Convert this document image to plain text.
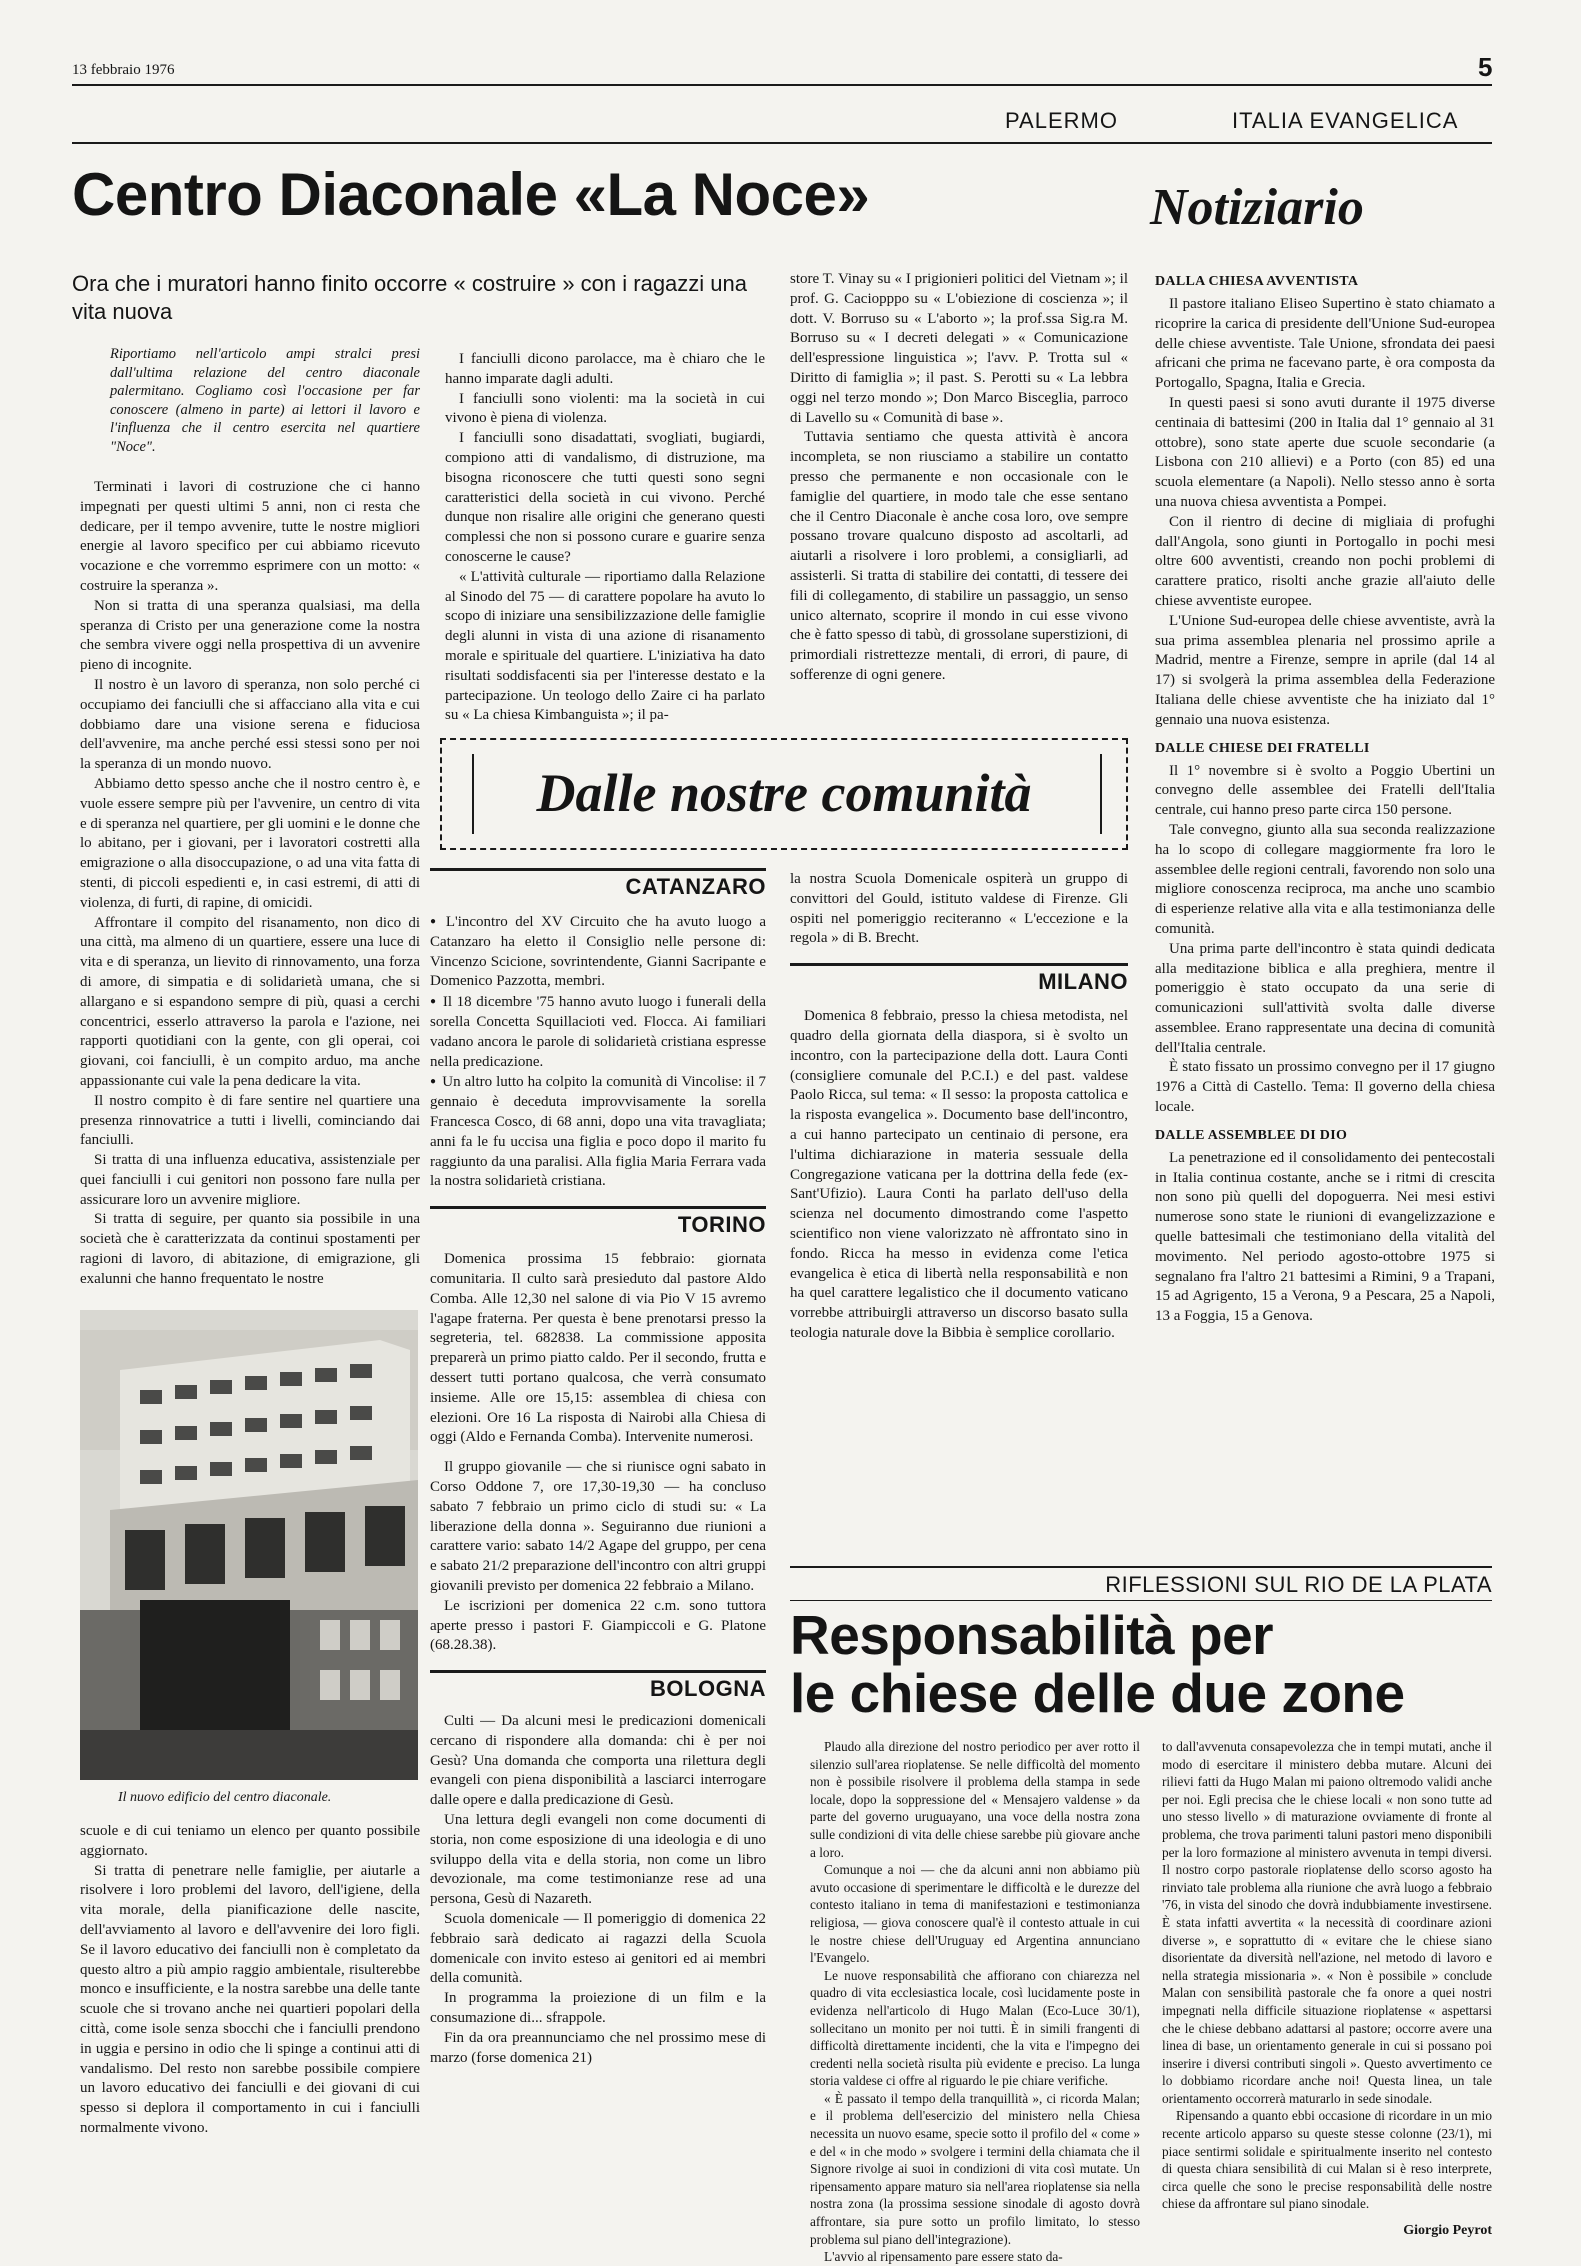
13 febbraio 1976	5
PALERMO	ITALIA EVANGELICA
Centro Diaconale «La Noce»	Notiziario
Ora che i muratori hanno finito occorre « costruire » con i ragazzi una vita nuova

Riportiamo nell'articolo ampi stralci presi dall'ultima relazione del centro diaconale palermitano. Cogliamo così l'occasione per far conoscere (almeno in parte) ai lettori il lavoro e l'influenza che il centro esercita nel quartiere "Noce".

Terminati i lavori di costruzione che ci hanno impegnati per questi ultimi 5 anni, non ci resta che dedicare, per il tempo avvenire, tutte le nostre migliori energie al lavoro specifico per cui abbiamo ricevuto vocazione e che vorremmo esprimere con un motto: « costruire la speranza ».

Non si tratta di una speranza qualsiasi, ma della speranza di Cristo per una generazione come la nostra che sembra vivere oggi nella prospettiva di un avvenire pieno di incognite.

Il nostro è un lavoro di speranza, non solo perché ci occupiamo dei fanciulli che si affacciano alla vita e cui dobbiamo dare una visione serena e fiduciosa dell'avvenire, ma anche perché essi stessi sono per noi la speranza di un mondo nuovo.

Abbiamo detto spesso anche che il nostro centro è, e vuole essere sempre più per l'avvenire, un centro di vita e di speranza nel quartiere, per gli uomini e le donne che lo abitano, per i giovani, per i lavoratori costretti alla emigrazione o alla disoccupazione, o ad una vita fatta di stenti, di piccoli espedienti e, in casi estremi, di atti di violenza, di furti, di rapine, di omicidi.

Affrontare il compito del risanamento, non dico di una città, ma almeno di un quartiere, essere una luce di vita e di speranza, un lievito di rinnovamento, una forza di amore, di simpatia e di solidarietà umana, che si allargano e si espandono sempre di più, quasi a cerchi concentrici, esserlo attraverso la parola e l'azione, nei rapporti quotidiani con la gente, con gli operai, coi giovani, coi fanciulli, è un compito arduo, ma anche appassionante cui vale la pena dedicare la vita.

Il nostro compito è di fare sentire nel quartiere una presenza rinnovatrice a tutti i livelli, cominciando dai fanciulli.

Si tratta di una influenza educativa, assistenziale per quei fanciulli i cui genitori non possono fare nulla per assicurare loro un avvenire migliore.

Si tratta di seguire, per quanto sia possibile in una società che è caratterizzata da continui spostamenti per ragioni di lavoro, di abitazione, di emigrazione, gli exalunni che hanno frequentato le nostre

Il nuovo edificio del centro diaconale.

scuole e di cui teniamo un elenco per quanto possibile aggiornato.

Si tratta di penetrare nelle famiglie, per aiutarle a risolvere i loro problemi del lavoro, dell'igiene, della vita morale, della pianificazione delle nascite, dell'avviamento al lavoro e dell'avvenire dei loro figli. Se il lavoro educativo dei fanciulli non è completato da questo altro a più ampio raggio ambientale, risulterebbe monco e insufficiente, e la nostra sarebbe una delle tante scuole che si trovano anche nei quartieri popolari della città, come isole senza sbocchi che i fanciulli prendono in uggia e persino in odio che li spinge a continui atti di vandalismo. Del resto non sarebbe possibile compiere un lavoro educativo dei fanciulli e dei giovani di cui spesso si deplora il comportamento in cui i fanciulli normalmente vivono.

I fanciulli dicono parolacce, ma è chiaro che le hanno imparate dagli adulti.

I fanciulli sono violenti: ma la società in cui vivono è piena di violenza.

I fanciulli sono disadattati, svogliati, bugiardi, compiono atti di vandalismo, di distruzione, ma bisogna riconoscere che tutti questi sono segni caratteristici della società in cui vivono. Perché dunque non risalire alle origini che generano questi complessi che non si possono curare e guarire senza conoscerne le cause?

« L'attività culturale — riportiamo dalla Relazione al Sinodo del 75 — di carattere popolare ha avuto lo scopo di iniziare una sensibilizzazione delle famiglie degli alunni in vista di una azione di risanamento morale e spirituale del quartiere. L'iniziativa ha dato risultati soddisfacenti sia per l'interesse destato e la partecipazione. Un teologo dello Zaire ci ha parlato su « La chiesa Kimbanguista »; il pa-

store T. Vinay su « I prigionieri politici del Vietnam »; il prof. G. Caciopppo su « L'obiezione di coscienza »; il dott. V. Borruso su « L'aborto »; la prof.ssa Sig.ra M. Borruso su « I decreti delegati » « Comunicazione dell'espressione linguistica »; l'avv. P. Trotta sul « Diritto di famiglia »; il past. S. Perotti su « La lebbra oggi nel terzo mondo »; Don Marco Bisceglia, parroco di Lavello su « Comunità di base ».

Tuttavia sentiamo che questa attività è ancora incompleta, se non riusciamo a stabilire un contatto presso che permanente e non occasionale con le famiglie del quartiere, in modo tale che esse sentano che il Centro Diaconale è anche cosa loro, ove sempre possano trovare qualcuno disposto ad ascoltarli, ad aiutarli a risolvere i loro problemi, a consigliarli, ad assisterli. Si tratta di stabilire dei contatti, di tessere dei fili di collegamento, di stabilire un passaggio, un senso unico alternato, scoprire il mondo in cui esse vivono che è fatto spesso di tabù, di grossolane superstizioni, di primordiali ristrettezze mentali, di errori, di paure, di sofferenze di ogni genere.

Dalle nostre comunità
CATANZARO

● L'incontro del XV Circuito che ha avuto luogo a Catanzaro ha eletto il Consiglio nelle persone di: Vincenzo Scicione, sovrintendente, Gianni Sacripante e Domenico Pazzotta, membri.

● Il 18 dicembre '75 hanno avuto luogo i funerali della sorella Concetta Squillacioti ved. Flocca. Ai familiari vadano ancora le parole di solidarietà cristiana espresse nella predicazione.

● Un altro lutto ha colpito la comunità di Vincolise: il 7 gennaio è deceduta improvvisamente la sorella Francesca Cosco, di 68 anni, dopo una vita travagliata; anni fa le fu uccisa una figlia e poco dopo il marito fu raggiunto da una paralisi. Alla figlia Maria Ferrara vada la nostra solidarietà cristiana.

TORINO

Domenica prossima 15 febbraio: giornata comunitaria. Il culto sarà presieduto dal pastore Aldo Comba. Alle 12,30 nel salone di via Pio V 15 avremo l'agape fraterna. Per questa è bene prenotarsi presso la segreteria, tel. 682838. La commissione apposita preparerà un primo piatto caldo. Per il secondo, frutta e dessert tutti portano qualcosa, che verrà consumato insieme. Alle ore 15,15: assemblea di chiesa con elezioni. Ore 16 La risposta di Nairobi alla Chiesa di oggi (Aldo e Fernanda Comba). Intervenite numerosi.

Il gruppo giovanile — che si riunisce ogni sabato in Corso Oddone 7, ore 17,30-19,30 — ha concluso sabato 7 febbraio un primo ciclo di studi su: « La liberazione della donna ». Seguiranno due riunioni a carattere vario: sabato 14/2 Agape del gruppo, per cena e sabato 21/2 preparazione dell'incontro con altri gruppi giovanili previsto per domenica 22 febbraio a Milano.

Le iscrizioni per domenica 22 c.m. sono tuttora aperte presso i pastori F. Giampiccoli e G. Platone (68.28.38).

BOLOGNA

Culti — Da alcuni mesi le predicazioni domenicali cercano di rispondere alla domanda: chi è per noi Gesù? Una domanda che comporta una rilettura degli evangeli con piena disponibilità a lasciarci interrogare dalle opere e dalla predicazione di Gesù.

Una lettura degli evangeli non come documenti di storia, non come esposizione di una ideologia e di uno sviluppo della vita e della storia, non come un libro devozionale, ma come testimonianze rese ad una persona, Gesù di Nazareth.

Scuola domenicale — Il pomeriggio di domenica 22 febbraio sarà dedicato ai ragazzi della Scuola domenicale con invito esteso ai genitori ed ai membri della comunità.

In programma la proiezione di un film e la consumazione di... sfrappole.

Fin da ora preannunciamo che nel prossimo mese di marzo (forse domenica 21)

la nostra Scuola Domenicale ospiterà un gruppo di convittori del Gould, istituto valdese di Firenze. Gli ospiti nel pomeriggio reciteranno « L'eccezione e la regola » di B. Brecht.

MILANO

Domenica 8 febbraio, presso la chiesa metodista, nel quadro della giornata della diaspora, si è svolto un incontro, con la partecipazione della dott. Laura Conti (consigliere comunale del P.C.I.) e del past. valdese Paolo Ricca, sul tema: « Il sesso: la proposta cattolica e la risposta evangelica ». Documento base dell'incontro, a cui hanno partecipato un centinaio di persone, era l'ultima dichiarazione in materia sessuale della Congregazione vaticana per la dottrina della fede (ex-Sant'Ufizio). Laura Conti ha parlato dell'uso della scienza nel documento dimostrando come l'aspetto scientifico non viene valorizzato nè affrontato sino in fondo. Ricca ha messo in evidenza come l'etica evangelica è etica di libertà nella responsabilità e non ha quel carattere legalistico che il documento vaticano vorrebbe attribuirgli attraverso un discorso basato sulla teologia naturale dove la Bibbia è semplice corollario.

DALLA CHIESA AVVENTISTA

Il pastore italiano Eliseo Supertino è stato chiamato a ricoprire la carica di presidente dell'Unione Sud-europea delle chiese avventiste. Tale Unione, sfrondata dei paesi africani che prima ne facevano parte, è ora composta da Portogallo, Spagna, Italia e Grecia.

In questi paesi si sono avuti durante il 1975 diverse centinaia di battesimi (200 in Italia dal 1° gennaio al 31 ottobre), sono state aperte due scuole secondarie (a Lisbona con 210 allievi) e a Porto (con 85) ed una scuola elementare (a Napoli). Nello stesso anno è sorta una nuova chiesa avventista a Pompei.

Con il rientro di decine di migliaia di profughi dall'Angola, sono giunti in Portogallo in pochi mesi oltre 600 avventisti, creando non pochi problemi di carattere pratico, risolti anche grazie all'aiuto delle chiese avventiste europee.

L'Unione Sud-europea delle chiese avventiste, avrà la sua prima assemblea plenaria nel prossimo aprile a Madrid, mentre a Firenze, sempre in aprile (dal 14 al 17) si svolgerà la prima assemblea della Federazione Italiana delle chiese avventiste che ha iniziato dal 1° gennaio una nuova esistenza.

DALLE CHIESE DEI FRATELLI

Il 1° novembre si è svolto a Poggio Ubertini un convegno delle assemblee dei Fratelli dell'Italia centrale, cui hanno preso parte circa 150 persone.

Tale convegno, giunto alla sua seconda realizzazione ha lo scopo di collegare maggiormente fra loro le assemblee delle regioni centrali, favorendo non solo una migliore conoscenza reciproca, ma anche uno scambio di esperienze relative alla vita e alla testimonianza delle comunità.

Una prima parte dell'incontro è stata quindi dedicata alla meditazione biblica e alla preghiera, mentre il pomeriggio è stato occupato da una serie di comunicazioni sull'attività svolta dalle diverse assemblee. Erano rappresentate una decina di comunità dell'Italia centrale.

È stato fissato un prossimo convegno per il 17 giugno 1976 a Città di Castello. Tema: Il governo della chiesa locale.

DALLE ASSEMBLEE DI DIO

La penetrazione ed il consolidamento dei pentecostali in Italia continua costante, anche se i ritmi di crescita non sono più quelli del dopoguerra. Nei mesi estivi numerose sono state le riunioni di evangelizzazione e quelle battesimali che testimoniano della vitalità del movimento. Nel periodo agosto-ottobre 1975 si segnalano fra l'altro 21 battesimi a Rimini, 9 a Trapani, 15 ad Agrigento, 15 a Verona, 9 a Pescara, 25 a Napoli, 13 a Foggia, 15 a Genova.

RIFLESSIONI SUL RIO DE LA PLATA
Responsabilità per
le chiese delle due zone

Plaudo alla direzione del nostro periodico per aver rotto il silenzio sull'area rioplatense. Se nelle difficoltà del momento non è possibile risolvere il problema della stampa in sede locale, dopo la soppressione del « Mensajero valdense » da parte del governo uruguayano, una voce della nostra zona sulle condizioni di vita delle chiese sarebbe più giovare anche a loro.

Comunque a noi — che da alcuni anni non abbiamo più avuto occasione di sperimentare le difficoltà e le durezze del contesto italiano in tema di manifestazioni e testimonianza religiosa, — giova conoscere qual'è il contesto attuale in cui le nostre chiese dell'Uruguay ed Argentina annunciano l'Evangelo.

Le nuove responsabilità che affiorano con chiarezza nel quadro di vita ecclesiastica locale, così lucidamente poste in evidenza nell'articolo di Hugo Malan (Eco-Luce 30/1), sollecitano un monito per noi tutti. È in simili frangenti di difficoltà direttamente incidenti, che la vita e l'impegno dei credenti nella società risulta più evidente e preciso. La lunga storia valdese ci offre al riguardo le pie chiare verifiche.

« È passato il tempo della tranquillità », ci ricorda Malan; e il problema dell'esercizio del ministero nella Chiesa necessita un nuovo esame, specie sotto il profilo del « come » e del « in che modo » svolgere i termini della chiamata che il Signore rivolge ai suoi in condizioni di vita così mutate. Un ripensamento appare maturo sia nell'area rioplatense sia nella nostra zona (la prossima sessione sinodale di agosto dovrà affrontare, sia pure sotto un profilo limitato, lo stesso problema sul piano dell'integrazione).

L'avvio al ripensamento pare essere stato da-

to dall'avvenuta consapevolezza che in tempi mutati, anche il modo di esercitare il ministero debba mutare. Alcuni dei rilievi fatti da Hugo Malan mi paiono oltremodo validi anche per noi. Egli precisa che le chiese locali « non sono tutte ad uno stesso livello » di maturazione ovviamente di fronte al problema, che trova parimenti taluni pastori meno disponibili per la loro formazione al ministero avvenuta in tempi diversi. Il nostro corpo pastorale rioplatense dello scorso agosto ha rinviato tale problema alla riunione che avrà luogo a febbraio '76, in vista del sinodo che dovrà indubbiamente investirsene. È stata infatti avvertita « la necessità di coordinare azioni diverse », e soprattutto di « evitare che le chiese siano disorientate da diversità nell'azione, nel metodo di lavoro e nella strategia missionaria ». « Non è possibile » conclude Malan con sensibilità pastorale che fa onore a quei nostri impegnati nella difficile situazione rioplatense « aspettarsi che le chiese debbano adattarsi al pastore; occorre avere una linea di base, un orientamento generale in cui si possano poi inserire i diversi contributi singoli ». Questo avvertimento ce lo dobbiamo ricordare anche noi! Questa linea, un tale orientamento occorrerà maturarlo in sede sinodale.

Ripensando a quanto ebbi occasione di ricordare in un mio recente articolo apparso su queste stesse colonne (23/1), mi piace sentirmi solidale e spiritualmente inserito nel contesto di questa chiara sensibilità di cui Malan si è reso interprete, circa quelle che sono le precise responsabilità delle nostre chiese da affrontare sul piano sinodale.

Giorgio Peyrot
